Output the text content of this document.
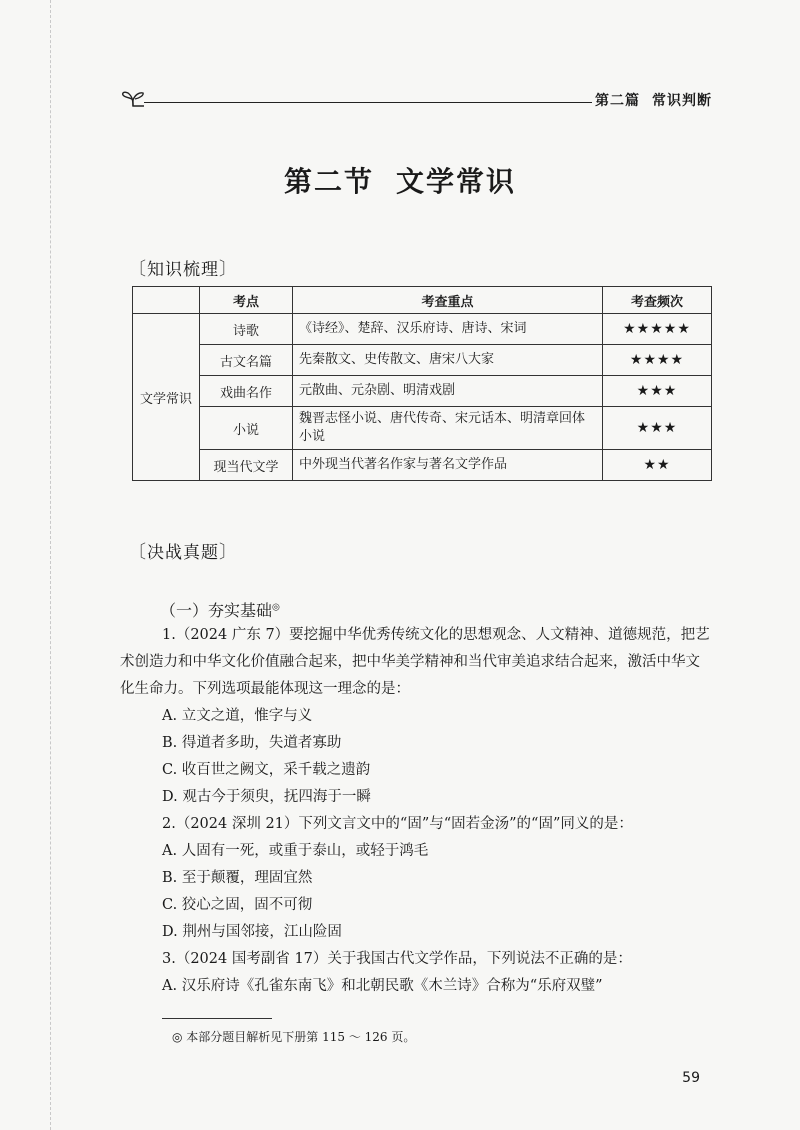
第二篇 常识判断
第二节 文学常识
〔知识梳理〕
	考点	考查重点	考查频次
文学常识	诗歌	《诗经》、楚辞、汉乐府诗、唐诗、宋词	★★★★★
	古文名篇	先秦散文、史传散文、唐宋八大家	★★★★
	戏曲名作	元散曲、元杂剧、明清戏剧	★★★
	小说	魏晋志怪小说、唐代传奇、宋元话本、明清章回体小说	★★★
	现当代文学	中外现当代著名作家与著名文学作品	★★
〔决战真题〕
（一）夯实基础◎
1.（2024 广东 7）要挖掘中华优秀传统文化的思想观念、人文精神、道德规范，把艺术创造力和中华文化价值融合起来，把中华美学精神和当代审美追求结合起来，激活中华文化生命力。下列选项最能体现这一理念的是：
A. 立文之道，惟字与义
B. 得道者多助，失道者寡助
C. 收百世之阙文，采千载之遗韵
D. 观古今于须臾，抚四海于一瞬
2.（2024 深圳 21）下列文言文中的“固”与“固若金汤”的“固”同义的是：
A. 人固有一死，或重于泰山，或轻于鸿毛
B. 至于颠覆，理固宜然
C. 狡心之固，固不可彻
D. 荆州与国邻接，江山险固
3.（2024 国考副省 17）关于我国古代文学作品，下列说法不正确的是：
A. 汉乐府诗《孔雀东南飞》和北朝民歌《木兰诗》合称为“乐府双璧”
◎ 本部分题目解析见下册第 115 ～ 126 页。
59
